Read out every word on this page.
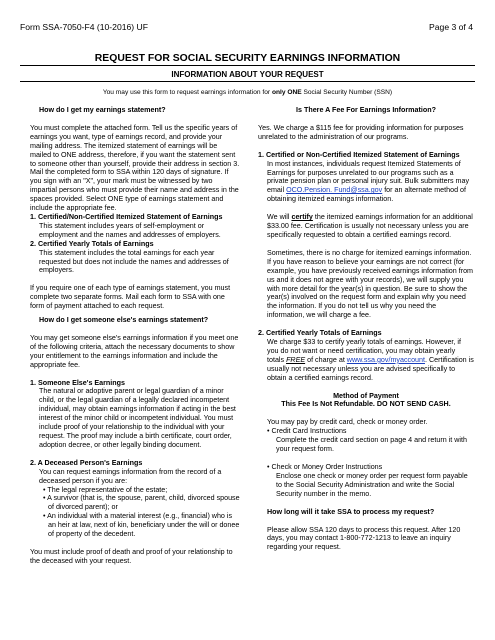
Form SSA-7050-F4 (10-2016) UF	Page 3 of 4
REQUEST FOR SOCIAL SECURITY EARNINGS INFORMATION
INFORMATION ABOUT YOUR REQUEST
You may use this form to request earnings information for only ONE Social Security Number (SSN)

How do I get my earnings statement?

You must complete the attached form. Tell us the specific years of earnings you want, type of earnings record, and provide your mailing address. The itemized statement of earnings will be mailed to ONE address, therefore, if you want the statement sent to someone other than yourself, provide their address in section 3. Mail the completed form to SSA within 120 days of signature. If you sign with an "X", your mark must be witnessed by two impartial persons who must provide their name and address in the spaces provided. Select ONE type of earnings statement and include the appropriate fee.

1. Certified/Non-Certified Itemized Statement of Earnings

This statement includes years of self-employment or employment and the names and addresses of employers.

2. Certified Yearly Totals of Earnings

This statement includes the total earnings for each year requested but does not include the names and addresses of employers.

If you require one of each type of earnings statement, you must complete two separate forms. Mail each form to SSA with one form of payment attached to each request.

How do I get someone else's earnings statement?

You may get someone else's earnings information if you meet one of the following criteria, attach the necessary documents to show your entitlement to the earnings information and include the appropriate fee.

1. Someone Else's Earnings

The natural or adoptive parent or legal guardian of a minor child, or the legal guardian of a legally declared incompetent individual, may obtain earnings information if acting in the best interest of the minor child or incompetent individual. You must include proof of your relationship to the individual with your request. The proof may include a birth certificate, court order, adoption decree, or other legally binding document.

2. A Deceased Person's Earnings

You can request earnings information from the record of a deceased person if you are:

• The legal representative of the estate;

• A survivor (that is, the spouse, parent, child, divorced spouse of divorced parent); or

• An individual with a material interest (e.g., financial) who is an heir at law, next of kin, beneficiary under the will or donee of property of the decedent.

You must include proof of death and proof of your relationship to the deceased with your request.

Is There A Fee For Earnings Information?

Yes. We charge a $115 fee for providing information for purposes unrelated to the administration of our programs.

1. Certified or Non-Certified Itemized Statement of Earnings

In most instances, individuals request Itemized Statements of Earnings for purposes unrelated to our programs such as a private pension plan or personal injury suit. Bulk submitters may email OCO.Pension. Fund@ssa.gov for an alternate method of obtaining itemized earnings information.

We will certify the itemized earnings information for an additional $33.00 fee. Certification is usually not necessary unless you are specifically requested to obtain a certified earnings record.

Sometimes, there is no charge for itemized earnings information. If you have reason to believe your earnings are not correct (for example, you have previously received earnings information from us and it does not agree with your records), we will supply you with more detail for the year(s) in question. Be sure to show the year(s) involved on the request form and explain why you need the information. If you do not tell us why you need the information, we will charge a fee.

2. Certified Yearly Totals of Earnings

We charge $33 to certify yearly totals of earnings. However, if you do not want or need certification, you may obtain yearly totals FREE of charge at www.ssa.gov/myaccount. Certification is usually not necessary unless you are advised specifically to obtain a certified earnings record.

Method of Payment

This Fee Is Not Refundable. DO NOT SEND CASH.

You may pay by credit card, check or money order.

• Credit Card Instructions

Complete the credit card section on page 4 and return it with your request form.

• Check or Money Order Instructions

Enclose one check or money order per request form payable to the Social Security Administration and write the Social Security number in the memo.

How long will it take SSA to process my request?

Please allow SSA 120 days to process this request. After 120 days, you may contact 1-800-772-1213 to leave an inquiry regarding your request.
